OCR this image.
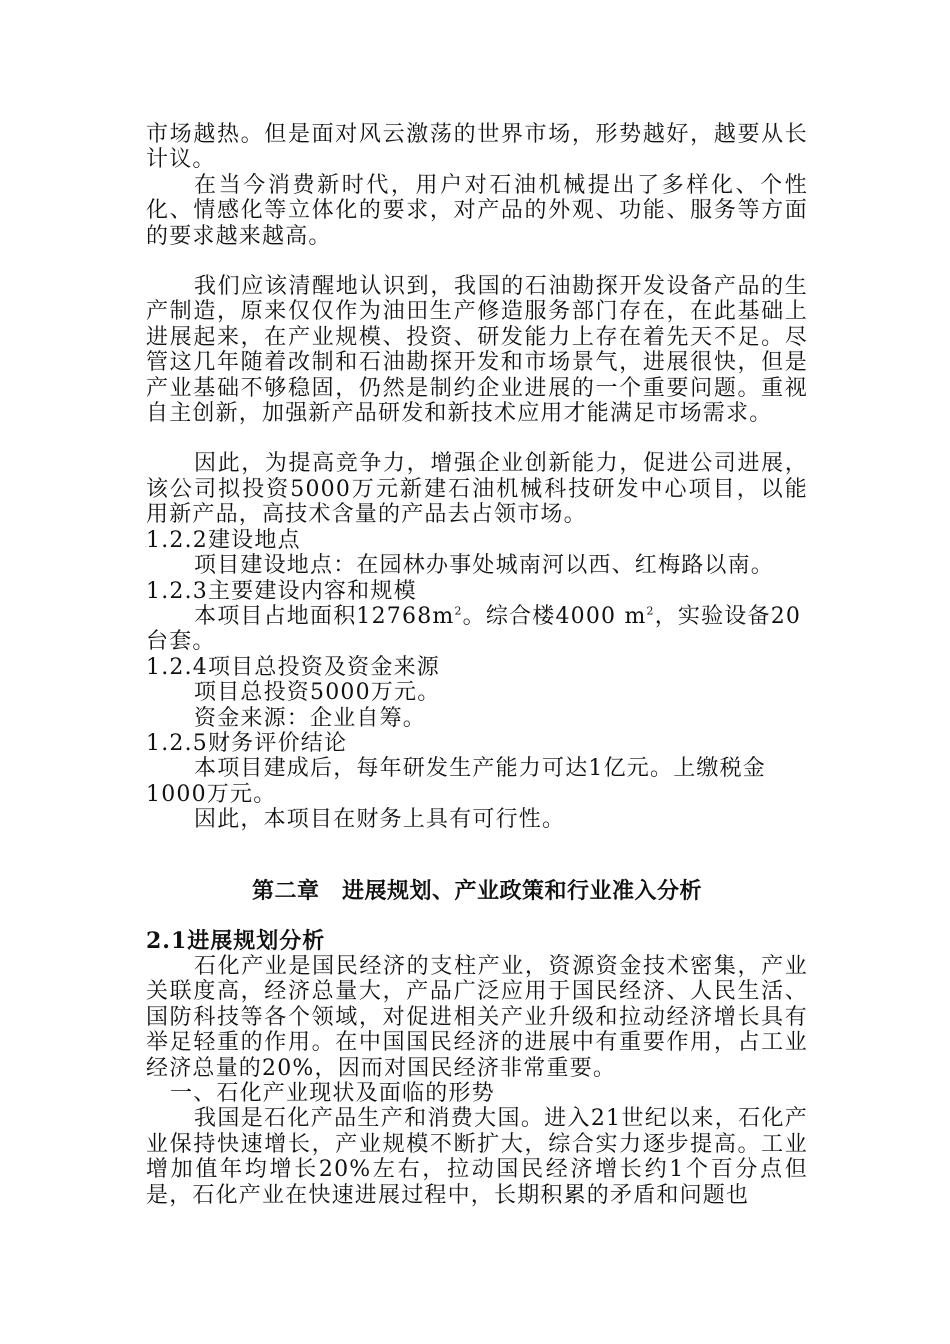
市场越热。但是面对风云激荡的世界市场，形势越好，越要从长计议。

在当今消费新时代，用户对石油机械提出了多样化、个性化、情感化等立体化的要求，对产品的外观、功能、服务等方面的要求越来越高。

我们应该清醒地认识到，我国的石油勘探开发设备产品的生产制造，原来仅仅作为油田生产修造服务部门存在，在此基础上进展起来，在产业规模、投资、研发能力上存在着先天不足。尽管这几年随着改制和石油勘探开发和市场景气，进展很快，但是产业基础不够稳固，仍然是制约企业进展的一个重要问题。重视自主创新，加强新产品研发和新技术应用才能满足市场需求。

因此，为提高竞争力，增强企业创新能力，促进公司进展，该公司拟投资5000万元新建石油机械科技研发中心项目，以能用新产品，高技术含量的产品去占领市场。

1.2.2建设地点

项目建设地点：在园林办事处城南河以西、红梅路以南。

1.2.3主要建设内容和规模

本项目占地面积$12768m^2$。综合楼4000 $m^2$，实验设备20台套。

1.2.4项目总投资及资金来源

项目总投资5000万元。

资金来源：企业自筹。

1.2.5财务评价结论

本项目建成后，每年研发生产能力可达1亿元。上缴税金1000万元。

因此，本项目在财务上具有可行性。

第二章　进展规划、产业政策和行业准入分析

2.1进展规划分析

石化产业是国民经济的支柱产业，资源资金技术密集，产业关联度高，经济总量大，产品广泛应用于国民经济、人民生活、国防科技等各个领域，对促进相关产业升级和拉动经济增长具有举足轻重的作用。在中国国民经济的进展中有重要作用，占工业经济总量的20%，因而对国民经济非常重要。

一、石化产业现状及面临的形势

我国是石化产品生产和消费大国。进入21世纪以来，石化产业保持快速增长，产业规模不断扩大，综合实力逐步提高。工业增加值年均增长20%左右，拉动国民经济增长约1个百分点但是，石化产业在快速进展过程中，长期积累的矛盾和问题也
